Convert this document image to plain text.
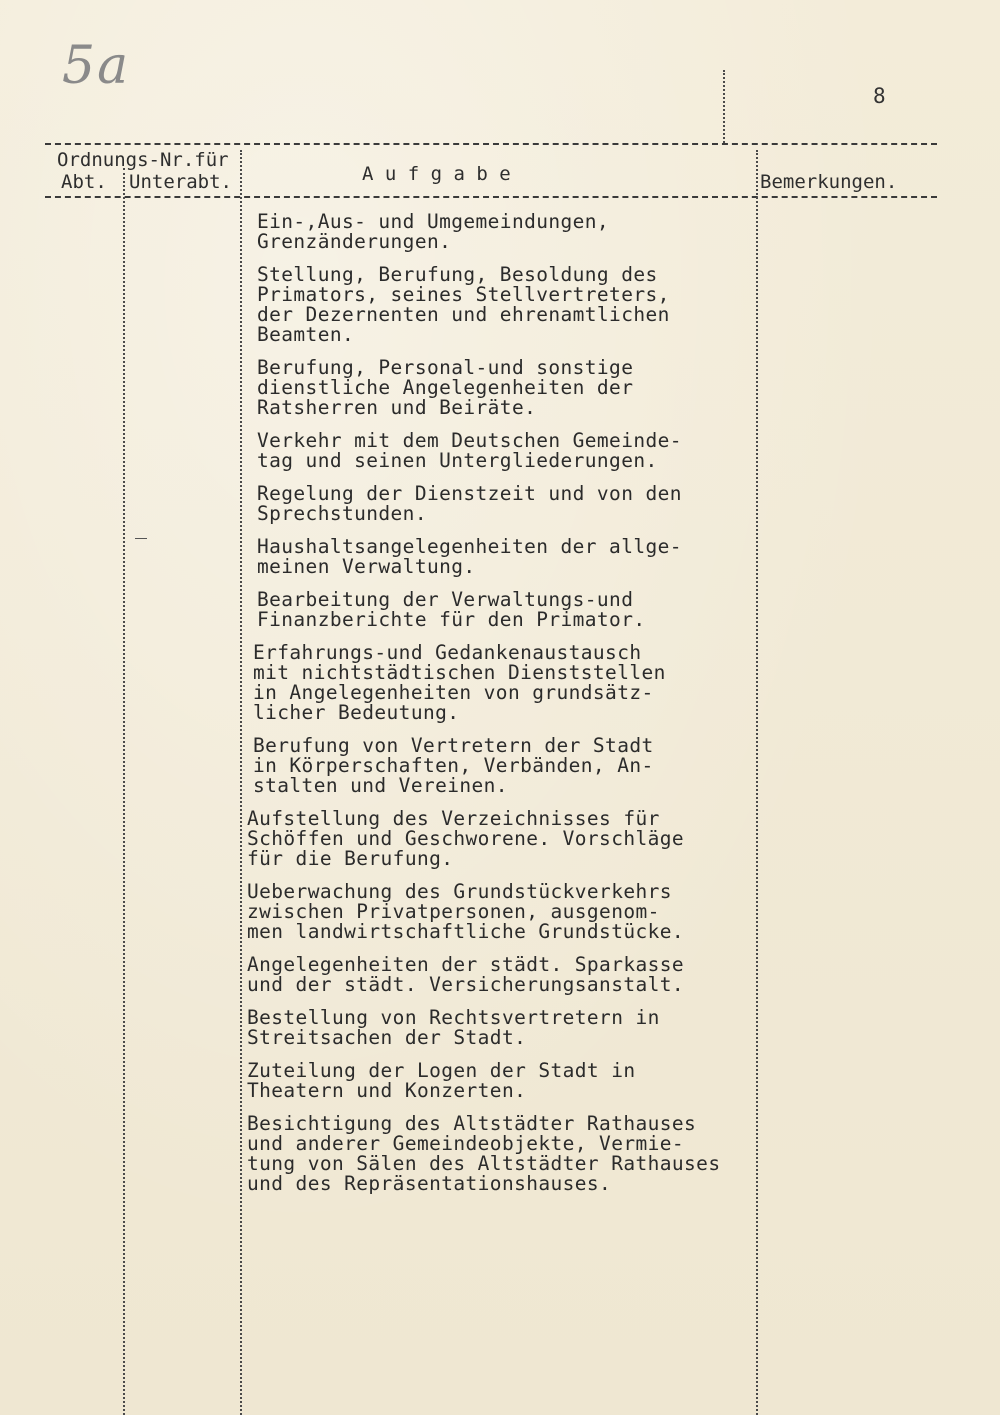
5a	8
Ordnungs-Nr.für
Abt. Unterabt.	A u f g a b e	Bemerkungen.
Ein-,Aus- und Umgemeindungen,
Grenzänderungen.
Stellung, Berufung, Besoldung des
Primators, seines Stellvertreters,
der Dezernenten und ehrenamtlichen
Beamten.
Berufung, Personal-und sonstige
dienstliche Angelegenheiten der
Ratsherren und Beiräte.
Verkehr mit dem Deutschen Gemeinde-
tag und seinen Untergliederungen.
Regelung der Dienstzeit und von den
Sprechstunden.
Haushaltsangelegenheiten der allge-
meinen Verwaltung.
Bearbeitung der Verwaltungs-und
Finanzberichte für den Primator.
Erfahrungs-und Gedankenaustausch
mit nichtstädtischen Dienststellen
in Angelegenheiten von grundsätz-
licher Bedeutung.
Berufung von Vertretern der Stadt
in Körperschaften, Verbänden, An-
stalten und Vereinen.
Aufstellung des Verzeichnisses für
Schöffen und Geschworene. Vorschläge
für die Berufung.
Ueberwachung des Grundstückverkehrs
zwischen Privatpersonen, ausgenom-
men landwirtschaftliche Grundstücke.
Angelegenheiten der städt. Sparkasse
und der städt. Versicherungsanstalt.
Bestellung von Rechtsvertretern in
Streitsachen der Stadt.
Zuteilung der Logen der Stadt in
Theatern und Konzerten.
Besichtigung des Altstädter Rathauses
und anderer Gemeindeobjekte, Vermie-
tung von Sälen des Altstädter Rathauses
und des Repräsentationshauses.
